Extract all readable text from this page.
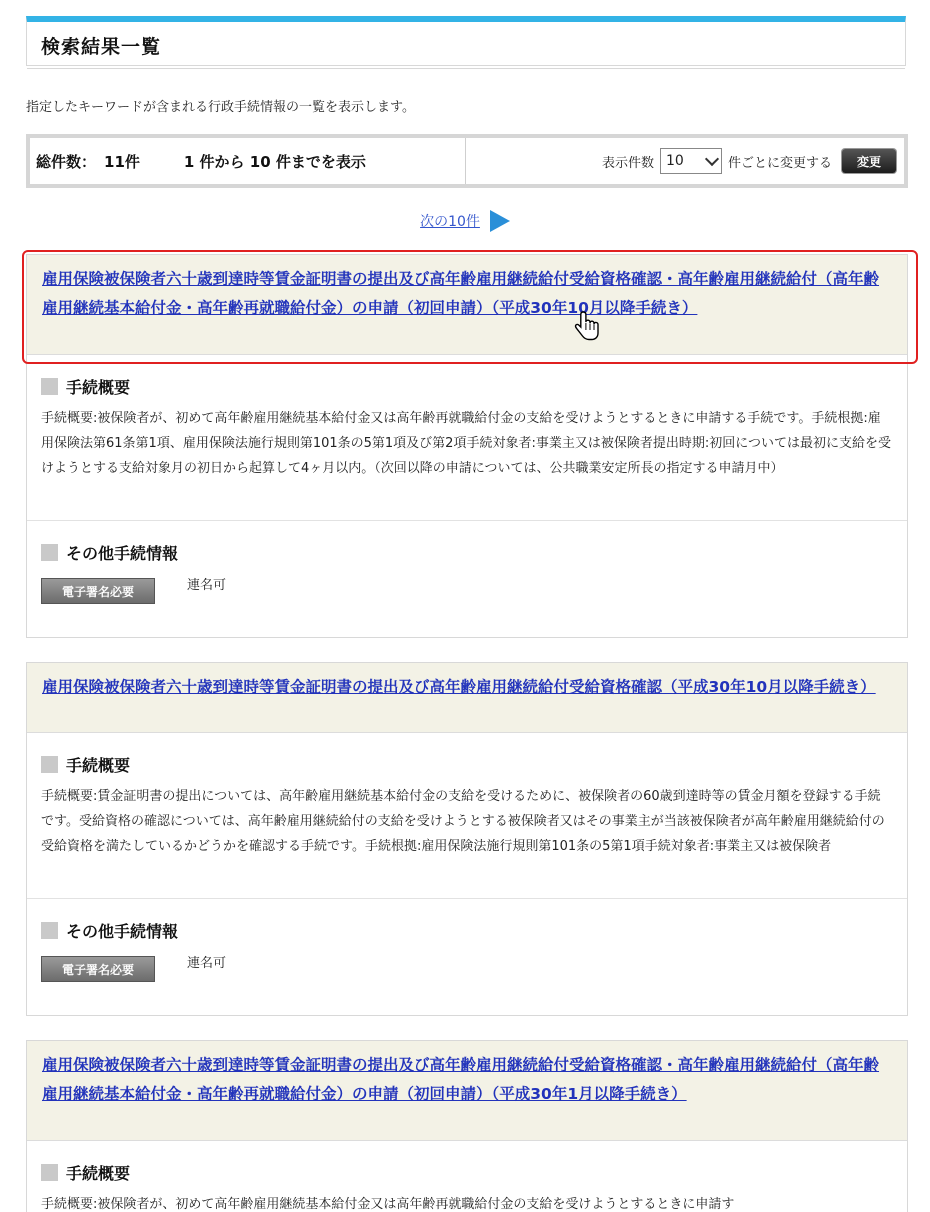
検索結果一覧
指定したキーワードが含まれる行政手続情報の一覧を表示します。
総件数： 11件	1 件から 10 件までを表示	表示件数 10	件ごとに変更する	変更
次の10件
雇用保険被保険者六十歳到達時等賃金証明書の提出及び高年齢雇用継続給付受給資格確認・高年齢雇用継続給付（高年齢雇用継続基本給付金・高年齢再就職給付金）の申請（初回申請）（平成30年10月以降手続き）
手続概要
手続概要:被保険者が、初めて高年齢雇用継続基本給付金又は高年齢再就職給付金の支給を受けようとするときに申請する手続です。手続根拠:雇用保険法第61条第1項、雇用保険法施行規則第101条の5第1項及び第2項手続対象者:事業主又は被保険者提出時期:初回については最初に支給を受けようとする支給対象月の初日から起算して4ヶ月以内。（次回以降の申請については、公共職業安定所長の指定する申請月中）
その他手続情報
電子署名必要	連名可
雇用保険被保険者六十歳到達時等賃金証明書の提出及び高年齢雇用継続給付受給資格確認（平成30年10月以降手続き）
手続概要
手続概要:賃金証明書の提出については、高年齢雇用継続基本給付金の支給を受けるために、被保険者の60歳到達時等の賃金月額を登録する手続です。受給資格の確認については、高年齢雇用継続給付の支給を受けようとする被保険者又はその事業主が当該被保険者が高年齢雇用継続給付の受給資格を満たしているかどうかを確認する手続です。手続根拠:雇用保険法施行規則第101条の5第1項手続対象者:事業主又は被保険者
その他手続情報
電子署名必要	連名可
雇用保険被保険者六十歳到達時等賃金証明書の提出及び高年齢雇用継続給付受給資格確認・高年齢雇用継続給付（高年齢雇用継続基本給付金・高年齢再就職給付金）の申請（初回申請）（平成30年1月以降手続き）
手続概要
手続概要:被保険者が、初めて高年齢雇用継続基本給付金又は高年齢再就職給付金の支給を受けようとするときに申請す
